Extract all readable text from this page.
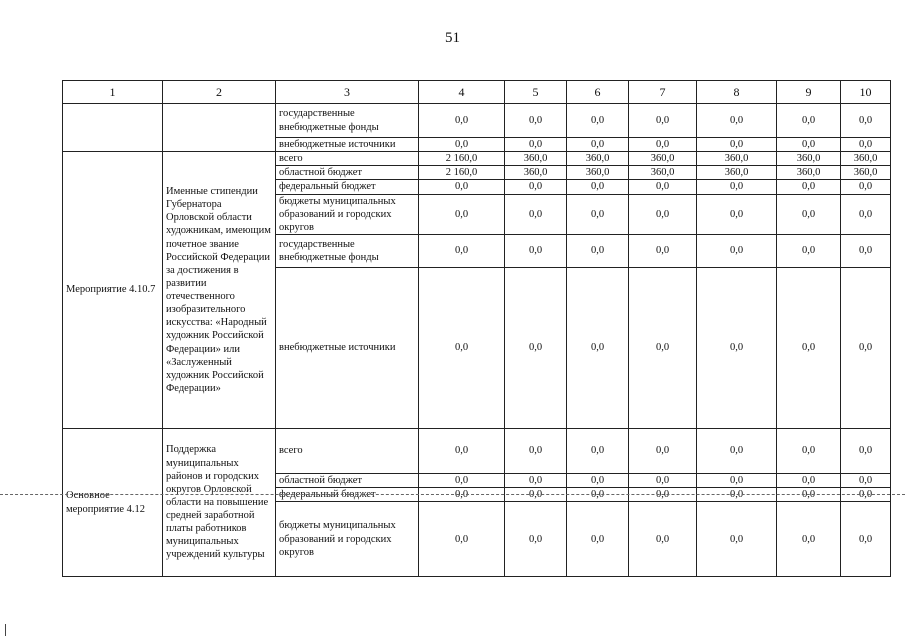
51
1	2	3	4	5	6	7	8	9	10
		государственные внебюджетные фонды	0,0	0,0	0,0	0,0	0,0	0,0	0,0
		внебюджетные источники	0,0	0,0	0,0	0,0	0,0	0,0	0,0
Мероприятие 4.10.7	Именные стипендии Губернатора Орловской области художникам, имеющим почетное звание Российской Федерации за достижения в развитии отечественного изобразительного искусства: «Народный художник Российской Федерации» или «Заслуженный художник Российской Федерации»	всего	2 160,0	360,0	360,0	360,0	360,0	360,0	360,0
		областной бюджет	2 160,0	360,0	360,0	360,0	360,0	360,0	360,0
		федеральный бюджет	0,0	0,0	0,0	0,0	0,0	0,0	0,0
		бюджеты муниципальных образований и городских округов	0,0	0,0	0,0	0,0	0,0	0,0	0,0
		государственные внебюджетные фонды	0,0	0,0	0,0	0,0	0,0	0,0	0,0
		внебюджетные источники	0,0	0,0	0,0	0,0	0,0	0,0	0,0
Основное мероприятие 4.12	Поддержка муниципальных районов и городских округов Орловской области на повышение средней заработной платы работников муниципальных учреждений культуры	всего	0,0	0,0	0,0	0,0	0,0	0,0	0,0
		областной бюджет	0,0	0,0	0,0	0,0	0,0	0,0	0,0
		федеральный бюджет	0,0	0,0	0,0	0,0	0,0	0,0	0,0
		бюджеты муниципальных образований и городских округов	0,0	0,0	0,0	0,0	0,0	0,0	0,0
